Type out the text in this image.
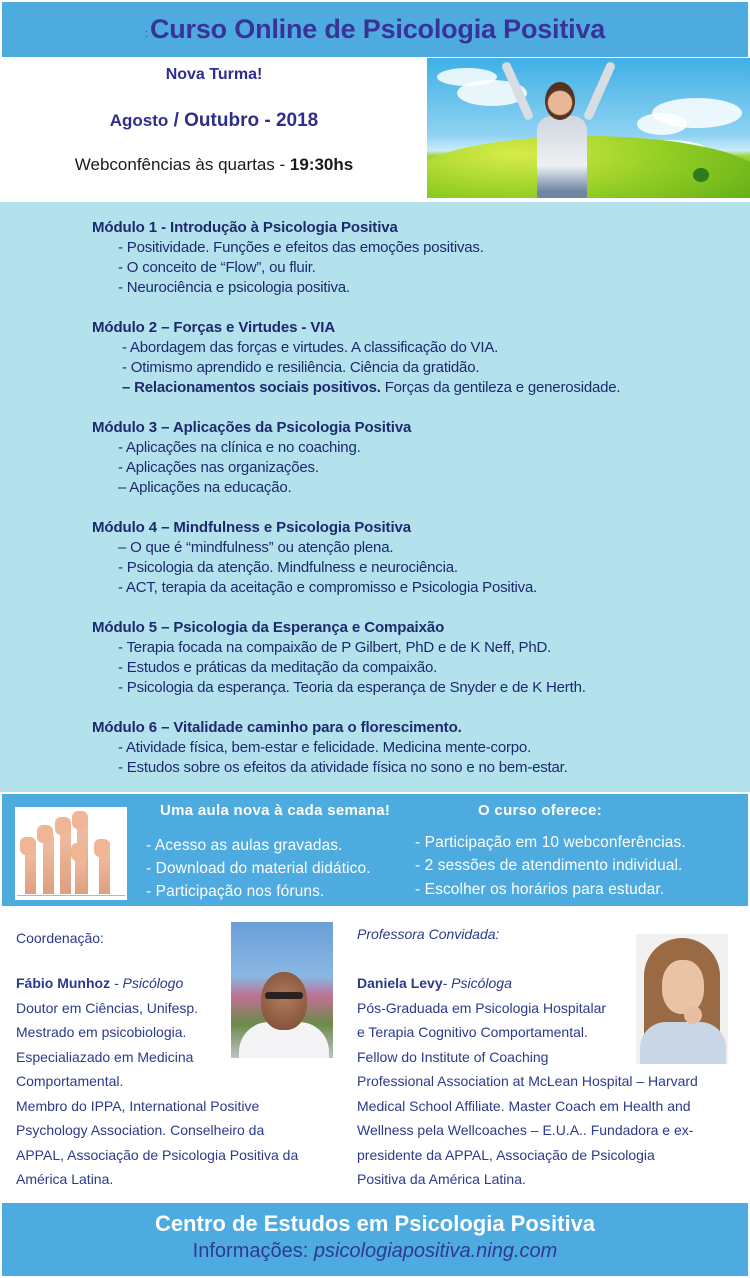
: Curso Online de Psicologia Positiva
Nova Turma!
Agosto / Outubro - 2018
Webconfências às quartas - 19:30hs
Módulo 1 - Introdução à Psicologia Positiva
- Positividade. Funções e efeitos das emoções positivas.
- O conceito de “Flow”, ou fluir.
- Neurociência e psicologia positiva.
Módulo 2 – Forças e Virtudes - VIA
- Abordagem das forças e virtudes. A classificação do VIA.
- Otimismo aprendido e resiliência. Ciência da gratidão.
– Relacionamentos sociais positivos. Forças da gentileza e generosidade.
Módulo 3 – Aplicações da Psicologia Positiva
- Aplicações na clínica e no coaching.
- Aplicações nas organizações.
– Aplicações na educação.
Módulo 4 – Mindfulness e Psicologia Positiva
– O que é “mindfulness” ou atenção plena.
- Psicologia da atenção. Mindfulness e neurociência.
- ACT, terapia da aceitação e compromisso e Psicologia Positiva.
Módulo 5 – Psicologia da Esperança e Compaixão
- Terapia focada na compaixão de P Gilbert, PhD e de K Neff, PhD.
- Estudos e práticas da meditação da compaixão.
- Psicologia da esperança. Teoria da esperança de Snyder e de K Herth.
Módulo 6 – Vitalidade caminho para o florescimento.
- Atividade física, bem-estar e felicidade. Medicina mente-corpo.
- Estudos sobre os efeitos da atividade física no sono e no bem-estar.
Uma aula nova à cada semana!
- Acesso as aulas gravadas.
- Download do material didático.
- Participação nos fóruns.
O curso oferece:
- Participação em 10 webconferências.
- 2 sessões de atendimento individual.
- Escolher os horários para estudar.
Coordenação:
Fábio Munhoz - Psicólogo
Doutor em Ciências, Unifesp.
Mestrado em psicobiologia.
Especialiazado em Medicina
Comportamental.
Membro do IPPA, International Positive
Psychology Association. Conselheiro da
APPAL, Associação de Psicologia Positiva da
América Latina.
Professora Convidada:
Daniela Levy- Psicóloga
Pós-Graduada em Psicologia Hospitalar
e Terapia Cognitivo Comportamental.
Fellow do Institute of Coaching
Professional Association at McLean Hospital – Harvard
Medical School Affiliate. Master Coach em Health and
Wellness pela Wellcoaches – E.U.A.. Fundadora e ex-
presidente da APPAL, Associação de Psicologia
Positiva da América Latina.
Centro de Estudos em Psicologia Positiva
Informações: psicologiapositiva.ning.com
